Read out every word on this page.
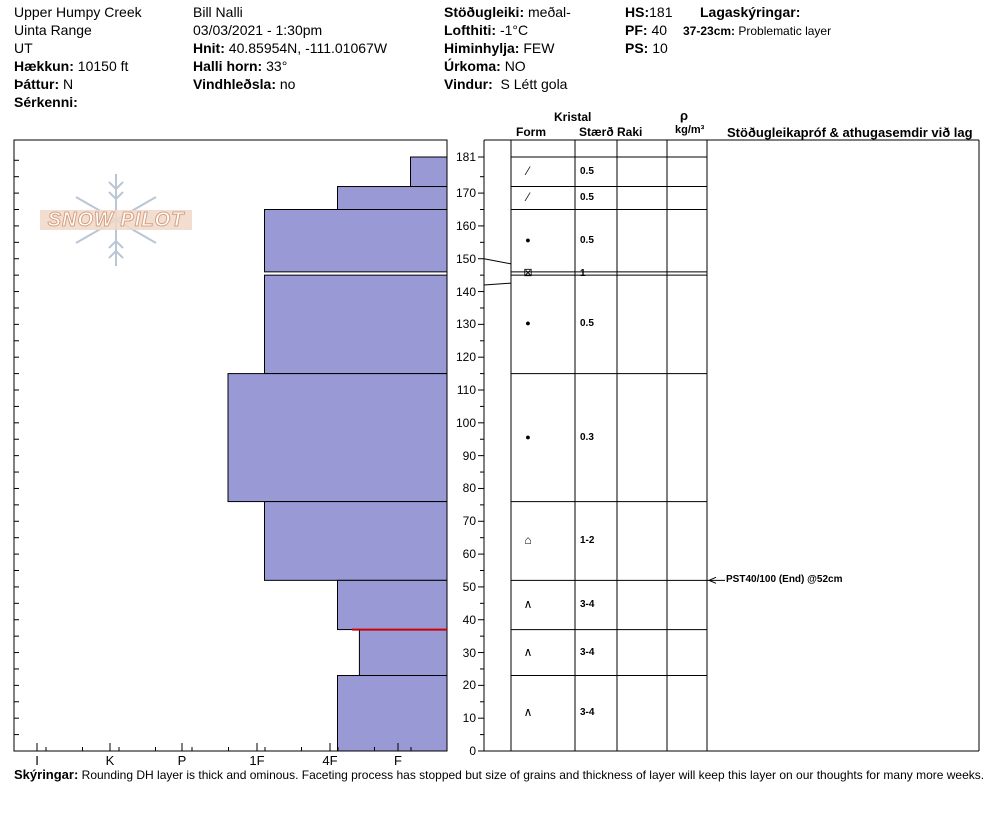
Upper Humpy Creek
Uinta Range
UT
Hækkun: 10150 ft
Þáttur: N
Sérkenni:
Bill Nalli
03/03/2021 - 1:30pm
Hnit: 40.85954N, -111.01067W
Halli horn: 33°
Vindhleðsla: no
Stöðugleiki: meðal-
Lofthiti: -1°C
Himinhylja: FEW
Úrkoma: NO
Vindur: S Létt gola
HS:181
PF: 40
PS: 10
Lagaskýringar:
37-23cm: Problematic layer
Kristal
Form	Stærð Raki
ρ
kg/m³ Stöðugleikapróf & athugasemdir við lag
SNOW PILOT
Skýringar: Rounding DH layer is thick and ominous. Faceting process has stopped but size of grains and thickness of layer will keep this layer on our thoughts for many more weeks.
I	K	P	1F	4F	F
0
10
20
30
40
50
60
70
80
90
100
110
120
130
140
150
160
170
181
PST40/100 (End) @52cm
⁄	0.5
⁄	0.5
●	0.5
⊠	1
●	0.5
●	0.3
⌂	1-2
∧	3-4
∧	3-4
∧	3-4
